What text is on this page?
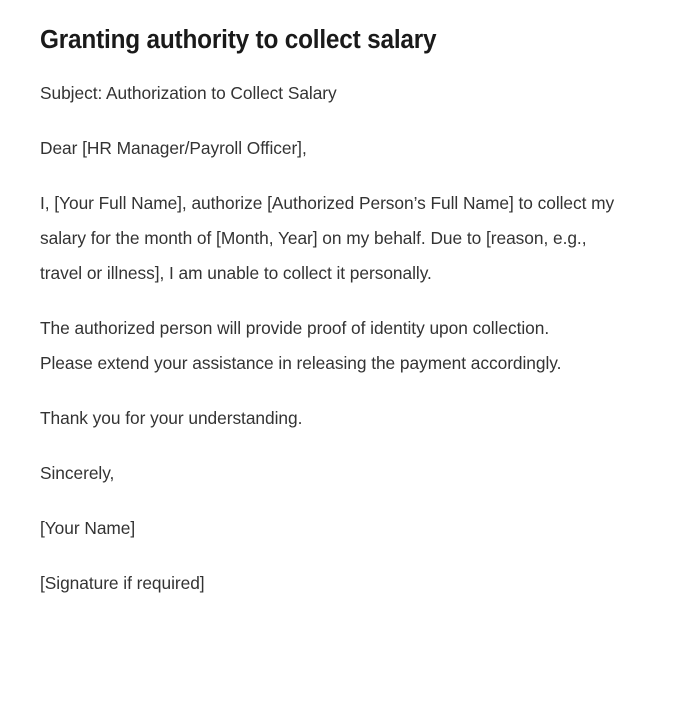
Granting authority to collect salary

Subject: Authorization to Collect Salary

Dear [HR Manager/Payroll Officer],

I, [Your Full Name], authorize [Authorized Person’s Full Name] to collect my salary for the month of [Month, Year] on my behalf. Due to [reason, e.g., travel or illness], I am unable to collect it personally.

The authorized person will provide proof of identity upon collection. Please extend your assistance in releasing the payment accordingly.

Thank you for your understanding.

Sincerely,

[Your Name]

[Signature if required]
